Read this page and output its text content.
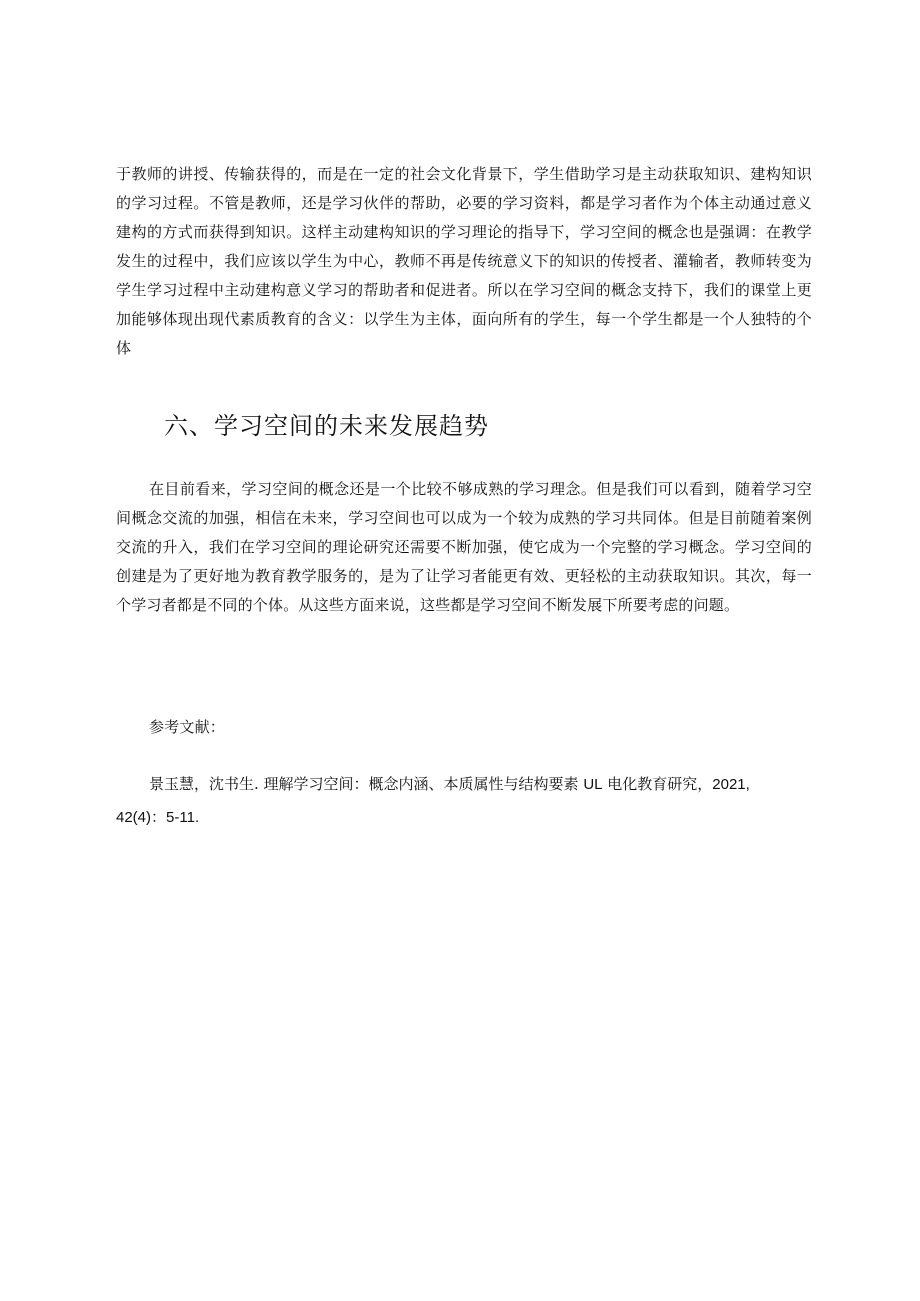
于教师的讲授、传输获得的，而是在一定的社会文化背景下，学生借助学习是主动获取知识、建构知识的学习过程。不管是教师，还是学习伙伴的帮助，必要的学习资料，都是学习者作为个体主动通过意义建构的方式而获得到知识。这样主动建构知识的学习理论的指导下，学习空间的概念也是强调：在教学发生的过程中，我们应该以学生为中心，教师不再是传统意义下的知识的传授者、灌输者，教师转变为学生学习过程中主动建构意义学习的帮助者和促进者。所以在学习空间的概念支持下，我们的课堂上更加能够体现出现代素质教育的含义：以学生为主体，面向所有的学生，每一个学生都是一个人独特的个体

六、学习空间的未来发展趋势

在目前看来，学习空间的概念还是一个比较不够成熟的学习理念。但是我们可以看到，随着学习空间概念交流的加强，相信在未来，学习空间也可以成为一个较为成熟的学习共同体。但是目前随着案例交流的升入，我们在学习空间的理论研究还需要不断加强，使它成为一个完整的学习概念。学习空间的创建是为了更好地为教育教学服务的，是为了让学习者能更有效、更轻松的主动获取知识。其次，每一个学习者都是不同的个体。从这些方面来说，这些都是学习空间不断发展下所要考虑的问题。

参考文献：

景玉慧，沈书生. 理解学习空间：概念内涵、本质属性与结构要素 UL 电化教育研究，2021,
42(4)：5-11.
